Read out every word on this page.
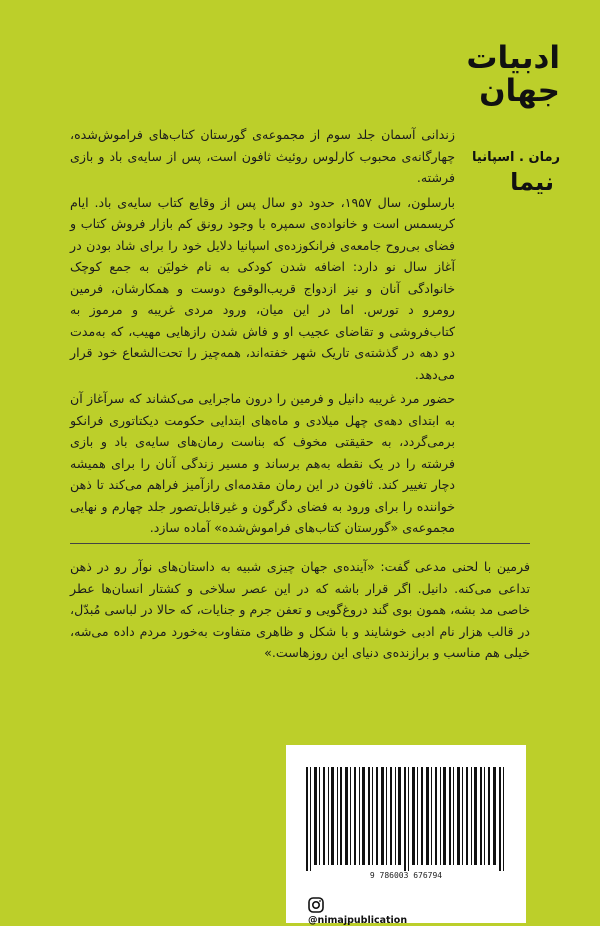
ادبیات
جهان
رمان . اسپانیا
نیما

زندانی آسمان جلد سوم از مجموعه‌ی گورستان کتاب‌های فراموش‌شده، چهارگانه‌ی محبوب کارلوس روئیث ثافون است، پس از سایه‌ی باد و بازی فرشته.

بارسلون، سال ۱۹۵۷، حدود دو سال پس از وقایع کتاب سایه‌ی باد. ایام کریسمس است و خانواده‌ی سمپره با وجود رونق کم بازار فروش کتاب و فضای بی‌روح جامعه‌ی فرانکوزده‌ی اسپانیا دلایل خود را برای شاد بودن در آغاز سال نو دارد: اضافه شدن کودکی به نام خولیَن به جمع کوچک خانوادگی آنان و نیز ازدواج قریب‌الوقوع دوست و همکارشان، فرمین رومرو د تورس. اما در این میان، ورود مردی غریبه و مرموز به کتاب‌فروشی و تقاضای عجیب او و فاش شدن رازهایی مهیب، که به‌مدت دو دهه در گذشته‌ی تاریک شهر خفته‌اند، همه‌چیز را تحت‌الشعاع خود قرار می‌دهد.

حضور مرد غریبه دانیل و فرمین را درون ماجرایی می‌کشاند که سرآغاز آن به ابتدای دهه‌ی چهل میلادی و ماه‌های ابتدایی حکومت دیکتاتوری فرانکو برمی‌گردد، به حقیقتی مخوف که بناست رمان‌های سایه‌ی باد و بازی فرشته را در یک نقطه به‌هم برساند و مسیر زندگی آنان را برای همیشه دچار تغییر کند. ثافون در این رمان مقدمه‌ای رازآمیز فراهم می‌کند تا ذهن خواننده را برای ورود به فضای دگرگون و غیرقابل‌تصور جلد چهارم و نهایی مجموعه‌ی «گورستان کتاب‌های فراموش‌شده» آماده سازد.

فرمین با لحنی مدعی گفت: «آینده‌ی جهان چیزی شبیه به داستان‌های نوآر رو در ذهن تداعی می‌کنه. دانیل. اگر قرار باشه که در این عصر سلاخی و کشتار انسان‌ها عطر خاصی مد بشه، همون بوی گند دروغ‌گویی و تعفن جرم و جنایات، که حالا در لباسی مُبدّل، در قالب هزار نام ادبی خوشایند و با شکل و ظاهری متفاوت به‌خورد مردم داده می‌شه، خیلی هم مناسب و برازنده‌ی دنیای این روزهاست.»

9 786003 676794
@nimajpublication
